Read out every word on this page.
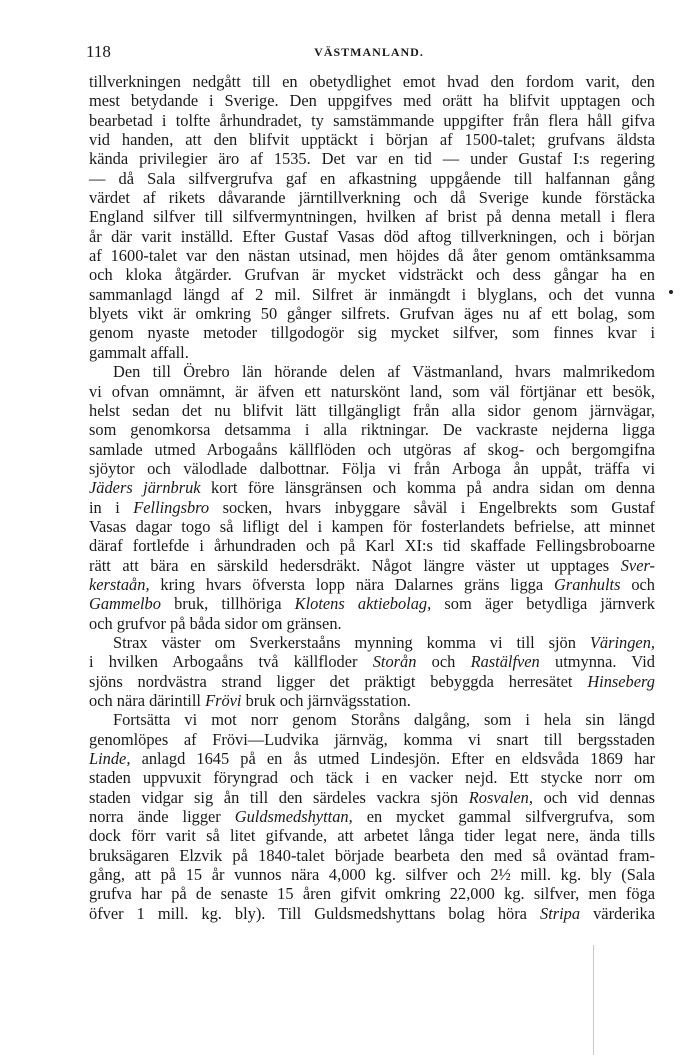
118	VÄSTMANLAND.
tillverkningen nedgått till en obetydlighet emot hvad den fordom varit, den
mest betydande i Sverige. Den uppgifves med orätt ha blifvit upptagen och
bearbetad i tolfte århundradet, ty samstämmande uppgifter från flera håll gifva
vid handen, att den blifvit upptäckt i början af 1500-talet; grufvans äldsta
kända privilegier äro af 1535. Det var en tid — under Gustaf I:s regering
— då Sala silfvergrufva gaf en afkastning uppgående till halfannan gång
värdet af rikets dåvarande järntillverkning och då Sverige kunde förstäcka
England silfver till silfvermyntningen, hvilken af brist på denna metall i flera
år där varit inställd. Efter Gustaf Vasas död aftog tillverkningen, och i början
af 1600-talet var den nästan utsinad, men höjdes då åter genom omtänksamma
och kloka åtgärder. Grufvan är mycket vidsträckt och dess gångar ha en
sammanlagd längd af 2 mil. Silfret är inmängdt i blyglans, och det vunna
blyets vikt är omkring 50 gånger silfrets. Grufvan äges nu af ett bolag, som
genom nyaste metoder tillgodogör sig mycket silfver, som finnes kvar i
gammalt affall.
Den till Örebro län hörande delen af Västmanland, hvars malmrikedom
vi ofvan omnämnt, är äfven ett naturskönt land, som väl förtjänar ett besök,
helst sedan det nu blifvit lätt tillgängligt från alla sidor genom järnvägar,
som genomkorsa detsamma i alla riktningar. De vackraste nejderna ligga
samlade utmed Arbogaåns källflöden och utgöras af skog- och bergomgifna
sjöytor och välodlade dalbottnar. Följa vi från Arboga ån uppåt, träffa vi
Jäders järnbruk kort före länsgränsen och komma på andra sidan om denna
in i Fellingsbro socken, hvars inbyggare såväl i Engelbrekts som Gustaf
Vasas dagar togo så lifligt del i kampen för fosterlandets befrielse, att minnet
däraf fortlefde i århundraden och på Karl XI:s tid skaffade Fellingsbroboarne
rätt att bära en särskild hedersdräkt. Något längre väster ut upptages Sver-
kerstaån, kring hvars öfversta lopp nära Dalarnes gräns ligga Granhults och
Gammelbo bruk, tillhöriga Klotens aktiebolag, som äger betydliga järnverk
och grufvor på båda sidor om gränsen.
Strax väster om Sverkerstaåns mynning komma vi till sjön Väringen,
i hvilken Arbogaåns två källfloder Storån och Rastälfven utmynna. Vid
sjöns nordvästra strand ligger det präktigt bebyggda herresätet Hinseberg
och nära därintill Frövi bruk och järnvägsstation.
Fortsätta vi mot norr genom Storåns dalgång, som i hela sin längd
genomlöpes af Frövi—Ludvika järnväg, komma vi snart till bergsstaden
Linde, anlagd 1645 på en ås utmed Lindesjön. Efter en eldsvåda 1869 har
staden uppvuxit föryngrad och täck i en vacker nejd. Ett stycke norr om
staden vidgar sig ån till den särdeles vackra sjön Rosvalen, och vid dennas
norra ände ligger Guldsmedshyttan, en mycket gammal silfvergrufva, som
dock förr varit så litet gifvande, att arbetet långa tider legat nere, ända tills
bruksägaren Elzvik på 1840-talet började bearbeta den med så oväntad fram-
gång, att på 15 år vunnos nära 4,000 kg. silfver och 2½ mill. kg. bly (Sala
grufva har på de senaste 15 åren gifvit omkring 22,000 kg. silfver, men föga
öfver 1 mill. kg. bly). Till Guldsmedshyttans bolag höra Stripa värderika
